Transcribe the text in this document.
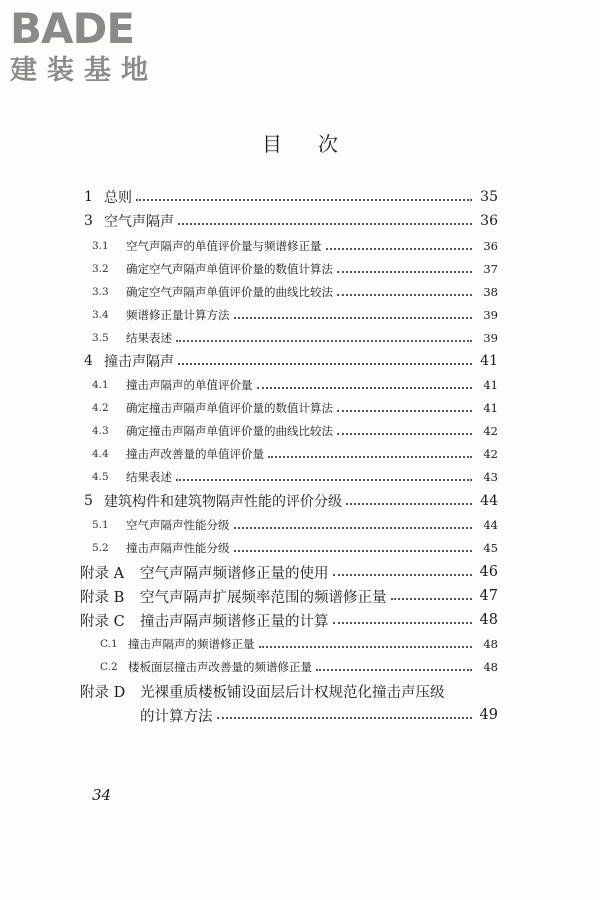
BADE
建装基地
目 次
1 总则	35
3 空气声隔声	36
3.1	空气声隔声的单值评价量与频谱修正量	36
3.2	确定空气声隔声单值评价量的数值计算法	37
3.3	确定空气声隔声单值评价量的曲线比较法	38
3.4	频谱修正量计算方法	39
3.5	结果表述	39
4 撞击声隔声	41
4.1	撞击声隔声的单值评价量	41
4.2	确定撞击声隔声单值评价量的数值计算法	41
4.3	确定撞击声隔声单值评价量的曲线比较法	42
4.4	撞击声改善量的单值评价量	42
4.5	结果表述	43
5 建筑构件和建筑物隔声性能的评价分级	44
5.1	空气声隔声性能分级	44
5.2	撞击声隔声性能分级	45
附录 A	空气声隔声频谱修正量的使用	46
附录 B	空气声隔声扩展频率范围的频谱修正量	47
附录 C	撞击声隔声频谱修正量的计算	48
C.1 撞击声隔声的频谱修正量	48
C.2 楼板面层撞击声改善量的频谱修正量	48
附录 D	光裸重质楼板铺设面层后计权规范化撞击声压级
的计算方法	49
34
